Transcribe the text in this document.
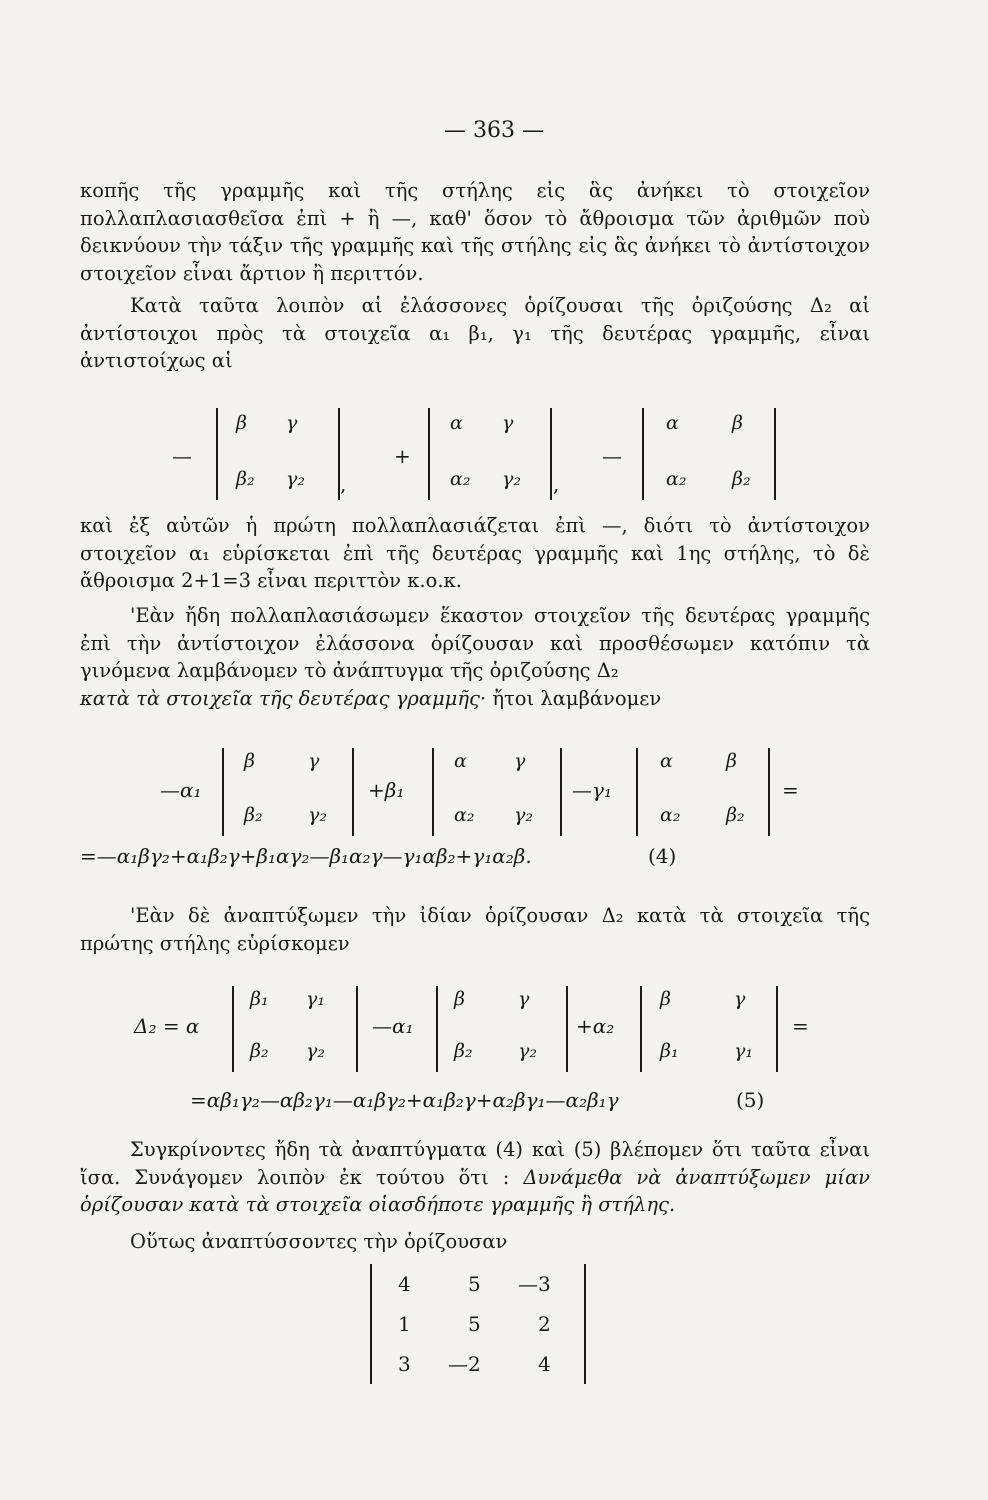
— 363 —

κοπῆς τῆς γραμμῆς καὶ τῆς στήλης εἰς ἃς ἀνήκει τὸ στοιχεῖον πολλαπλασιασθεῖσα ἐπὶ + ἢ —, καθ' ὅσον τὸ ἄθροισμα τῶν ἀριθμῶν ποὺ δεικνύουν τὴν τάξιν τῆς γραμμῆς καὶ τῆς στήλης εἰς ἃς ἀνήκει τὸ ἀντίστοιχον στοιχεῖον εἶναι ἄρτιον ἢ περιττόν.

Κατὰ ταῦτα λοιπὸν αἱ ἐλάσσονες ὁρίζουσαι τῆς ὁριζούσης Δ₂ αἱ ἀντίστοιχοι πρὸς τὰ στοιχεῖα α₁ β₁, γ₁ τῆς δευτέρας γραμμῆς, εἶναι ἀντιστοίχως αἱ

—
β γ
β₂ γ₂ ,
+
α γ
α₂ γ₂ ,
—
α	β
α₂ β₂

καὶ ἐξ αὐτῶν ἡ πρώτη πολλαπλασιάζεται ἐπὶ —, διότι τὸ ἀντίστοιχον στοιχεῖον α₁ εὑρίσκεται ἐπὶ τῆς δευτέρας γραμμῆς καὶ 1ης στήλης, τὸ δὲ ἄθροισμα 2+1=3 εἶναι περιττὸν κ.ο.κ.

'Εὰν ἤδη πολλαπλασιάσωμεν ἕκαστον στοιχεῖον τῆς δευτέρας γραμμῆς ἐπὶ τὴν ἀντίστοιχον ἐλάσσονα ὁρίζουσαν καὶ προσθέσωμεν κατόπιν τὰ γινόμενα λαμβάνομεν τὸ ἀνάπτυγμα τῆς ὁριζούσης Δ₂

κατὰ τὰ στοιχεῖα τῆς δευτέρας γραμμῆς· ἤτοι λαμβάνομεν

—α₁
β	γ
β₂ γ₂
+β₁
α γ
α₂ γ₂
—γ₁
α	β
α₂ β₂
=
=—α₁βγ₂+α₁β₂γ+β₁αγ₂—β₁α₂γ—γ₁αβ₂+γ₁α₂β.	(4)

'Εὰν δὲ ἀναπτύξωμεν τὴν ἰδίαν ὁρίζουσαν Δ₂ κατὰ τὰ στοιχεῖα τῆς πρώτης στήλης εὑρίσκομεν

Δ₂ = α
β₁ γ₁
β₂ γ₂
—α₁
β	γ
β₂ γ₂
+α₂
β	γ
β₁	γ₁
=
=αβ₁γ₂—αβ₂γ₁—α₁βγ₂+α₁β₂γ+α₂βγ₁—α₂β₁γ	(5)

Συγκρίνοντες ἤδη τὰ ἀναπτύγματα (4) καὶ (5) βλέπομεν ὅτι ταῦτα εἶναι ἴσα. Συνάγομεν λοιπὸν ἐκ τούτου ὅτι : Δυνάμεθα νὰ ἀναπτύξωμεν μίαν ὁρίζουσαν κατὰ τὰ στοιχεῖα οἱασδήποτε γραμμῆς ἢ στήλης.

Οὕτως ἀναπτύσσοντες τὴν ὁρίζουσαν

4	5 —3
1	5	2
3 —2	4
